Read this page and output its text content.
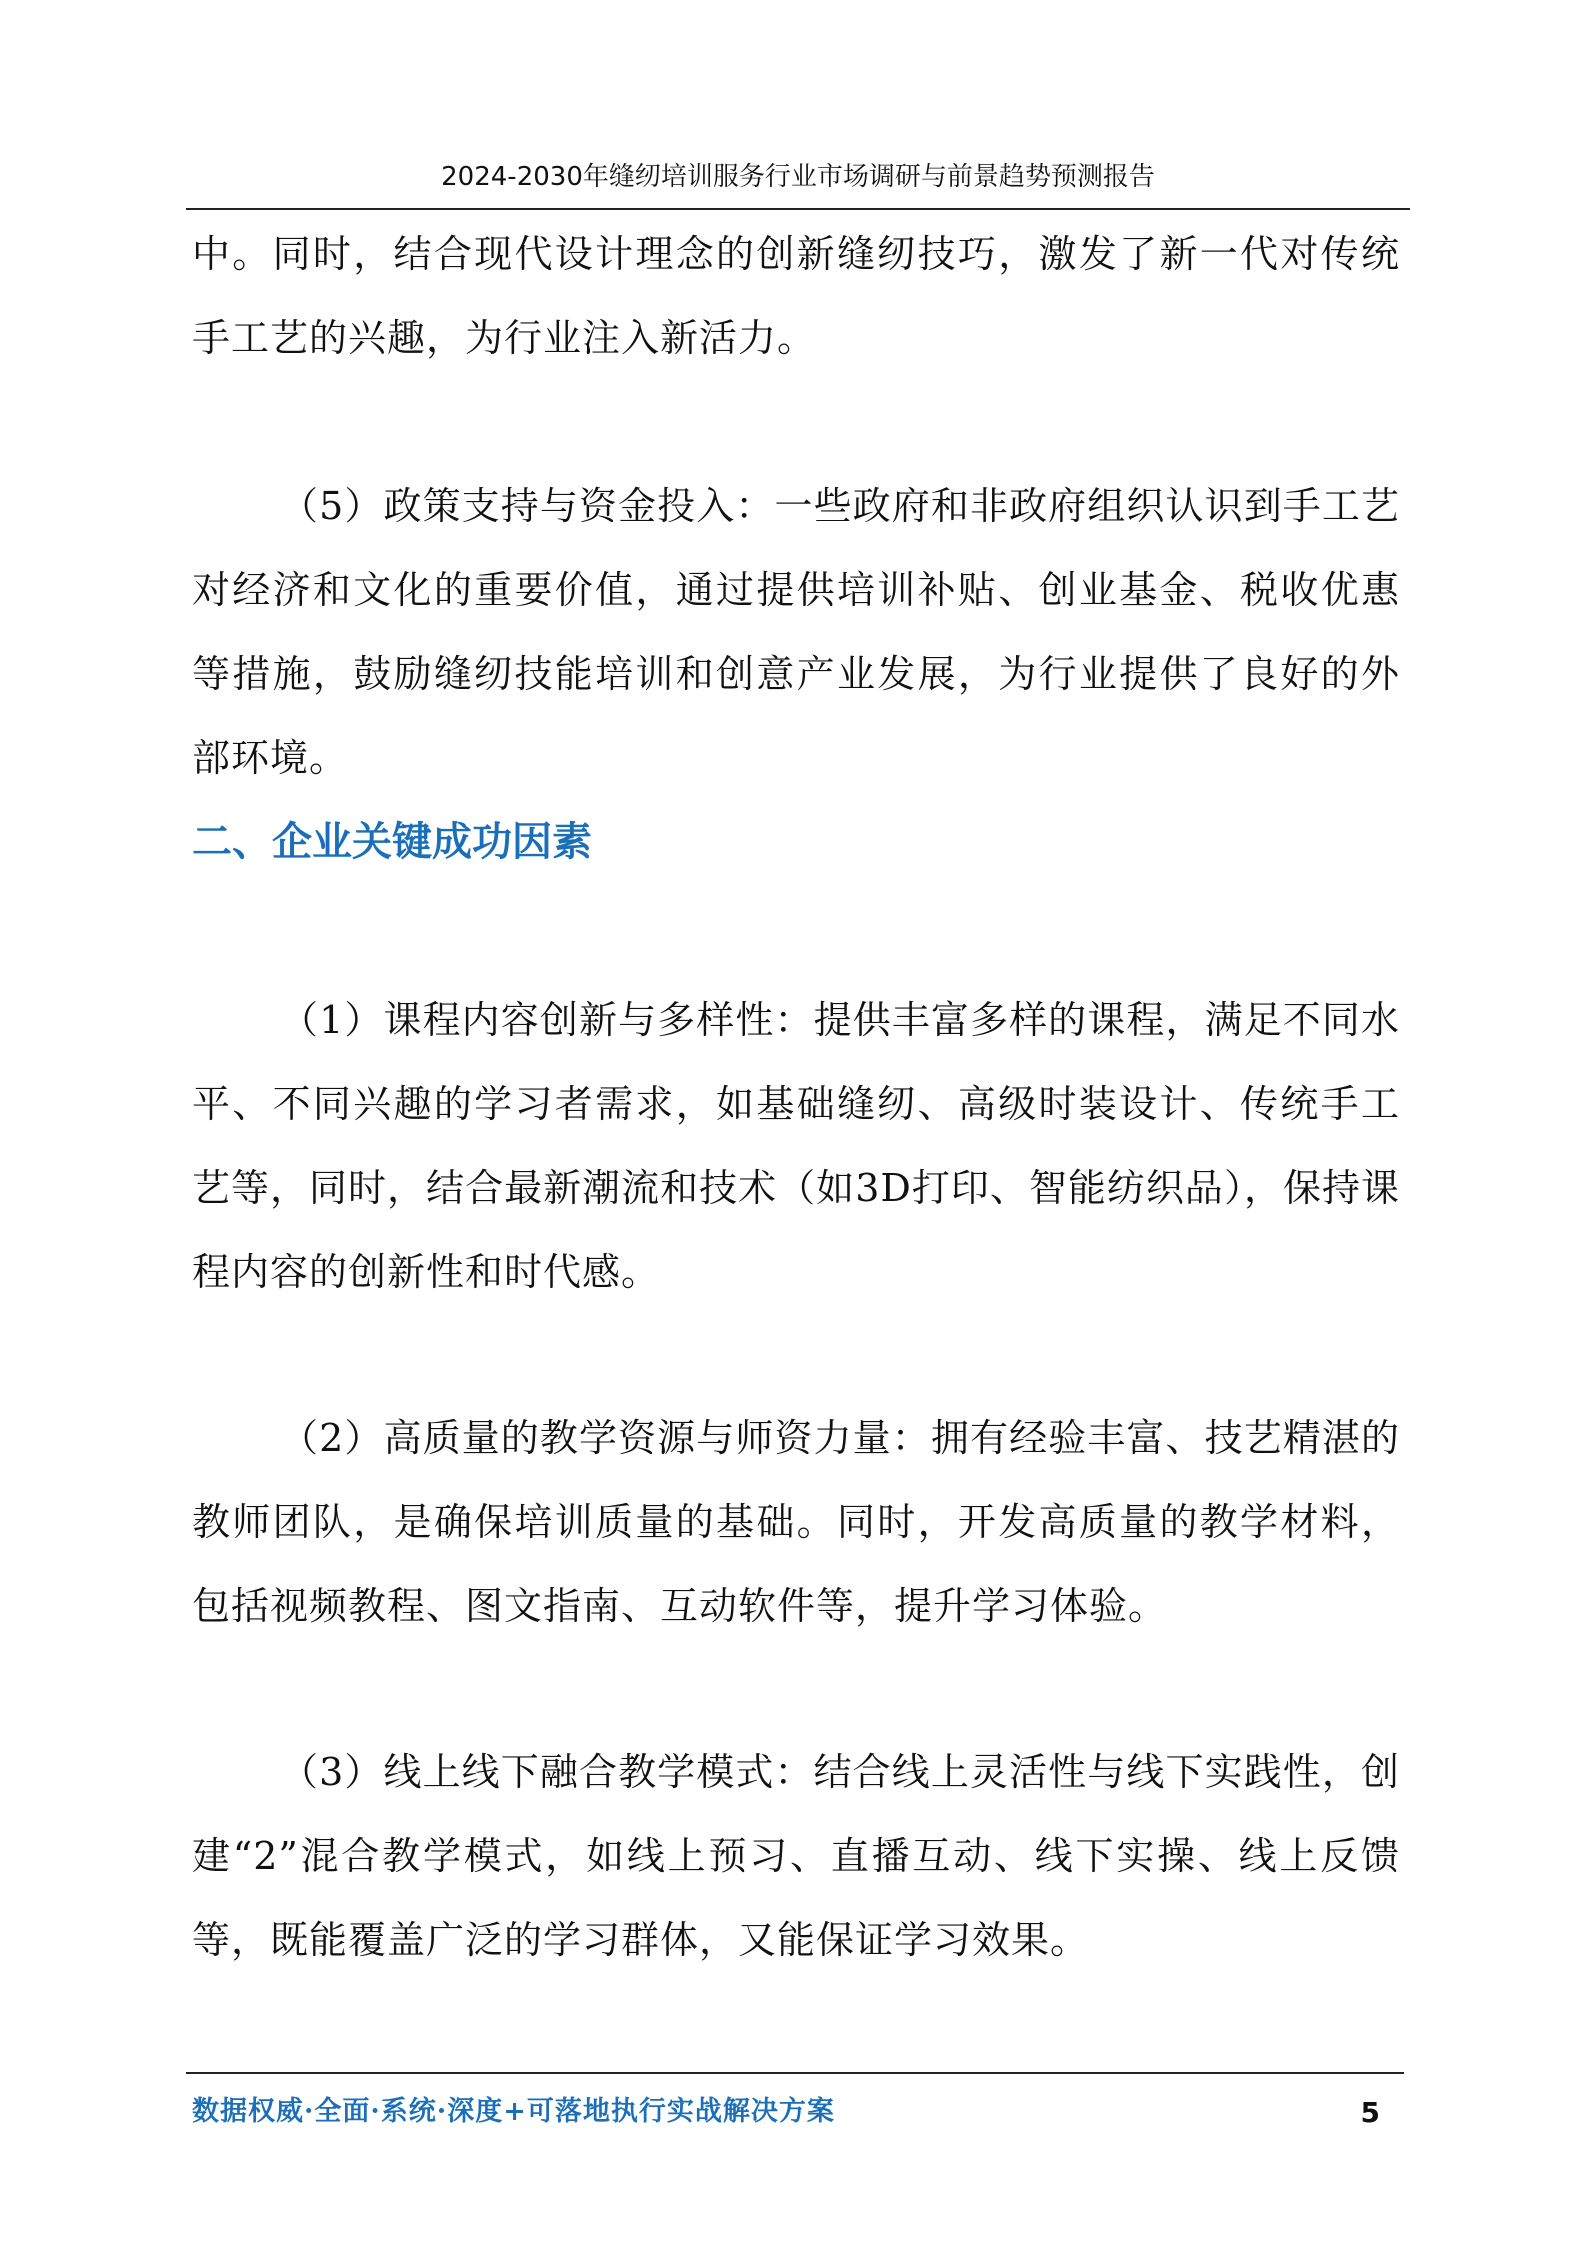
2024-2030年缝纫培训服务行业市场调研与前景趋势预测报告

中。同时，结合现代设计理念的创新缝纫技巧，激发了新一代对传统手工艺的兴趣，为行业注入新活力。

（5）政策支持与资金投入：一些政府和非政府组织认识到手工艺对经济和文化的重要价值，通过提供培训补贴、创业基金、税收优惠等措施，鼓励缝纫技能培训和创意产业发展，为行业提供了良好的外部环境。

二、企业关键成功因素

（1）课程内容创新与多样性：提供丰富多样的课程，满足不同水平、不同兴趣的学习者需求，如基础缝纫、高级时装设计、传统手工艺等，同时，结合最新潮流和技术（如3D打印、智能纺织品），保持课程内容的创新性和时代感。

（2）高质量的教学资源与师资力量：拥有经验丰富、技艺精湛的教师团队，是确保培训质量的基础。同时，开发高质量的教学材料，包括视频教程、图文指南、互动软件等，提升学习体验。

（3）线上线下融合教学模式：结合线上灵活性与线下实践性，创建“2”混合教学模式，如线上预习、直播互动、线下实操、线上反馈等，既能覆盖广泛的学习群体，又能保证学习效果。

数据权威·全面·系统·深度+可落地执行实战解决方案	5
